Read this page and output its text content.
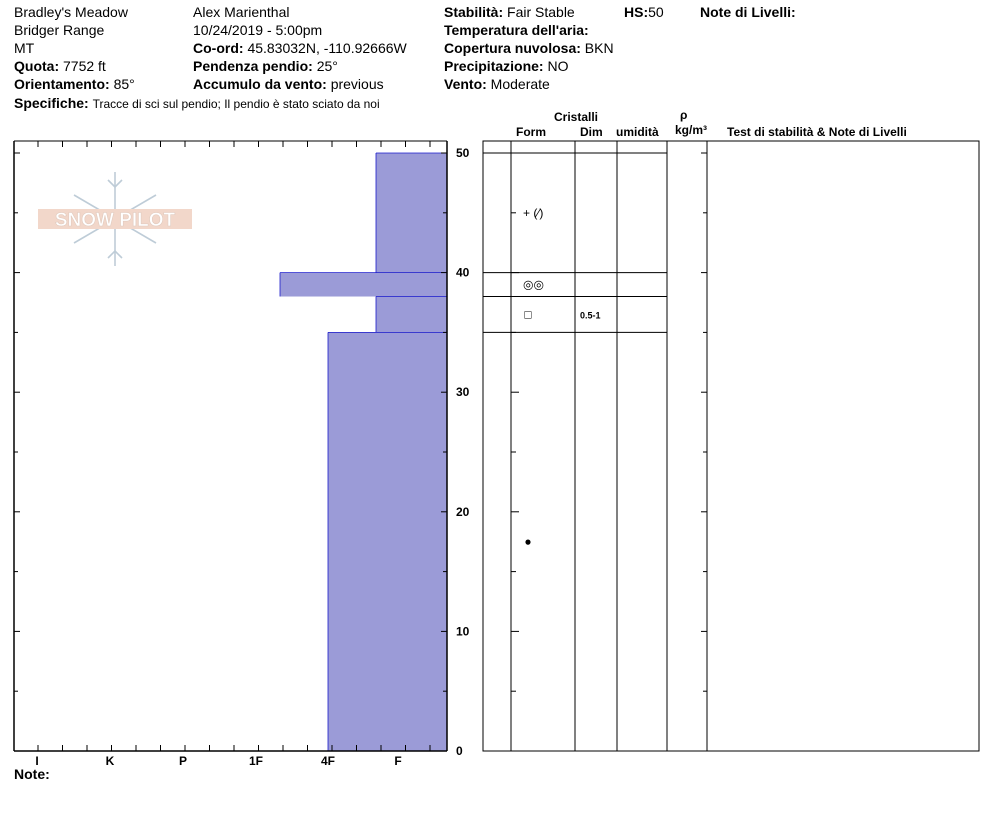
Bradley's Meadow
Bridger Range
MT
Quota: 7752 ft
Orientamento: 85°
Specifiche: Tracce di sci sul pendio; Il pendio è stato sciato da noi
Alex Marienthal
10/24/2019 - 5:00pm
Co-ord: 45.83032N, -110.92666W
Pendenza pendio: 25°
Accumulo da vento: previous
Stabilità: Fair Stable	HS:50	Note di Livelli:
Temperatura dell'aria:
Copertura nuvolosa: BKN
Precipitazione: NO
Vento: Moderate
Cristalli
Form	Dim umidità
ρ
kg/m³ Test di stabilità & Note di Livelli
SNOW PILOT
I	K	P	1F	4F	F
0
10
20
30
40
50
+ (∕)
◎◎
□	0.5-1
●
Note:
